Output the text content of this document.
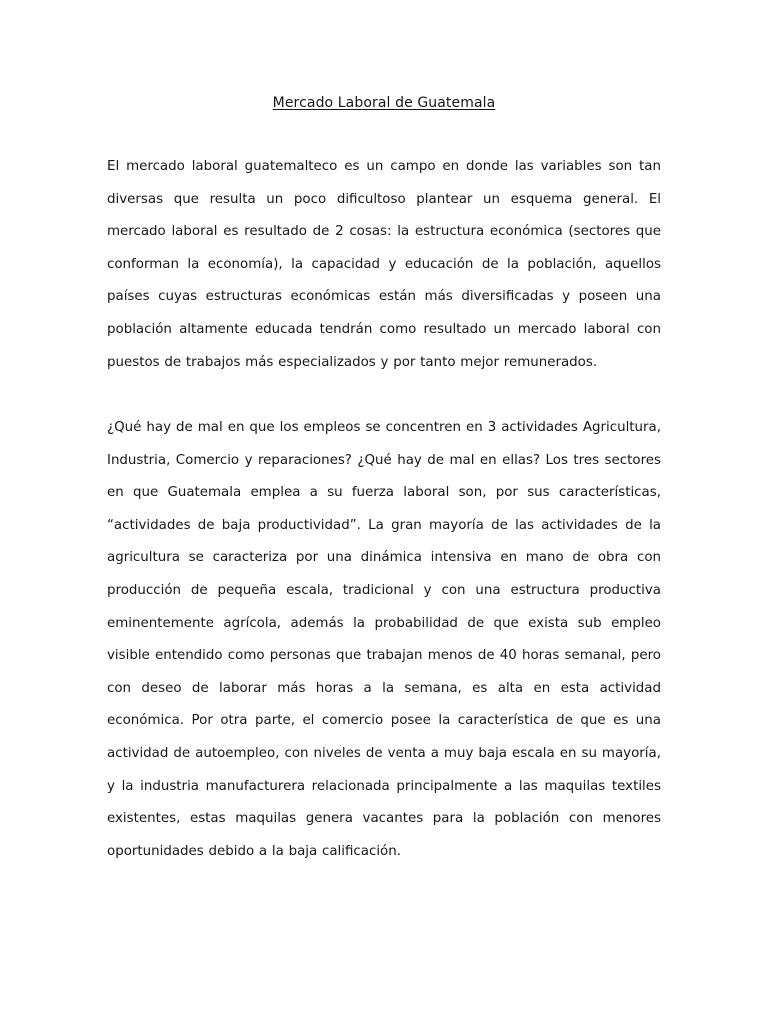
Mercado Laboral de Guatemala

El mercado laboral guatemalteco es un campo en donde las variables son tan diversas que resulta un poco dificultoso plantear un esquema general. El mercado laboral es resultado de 2 cosas: la estructura económica (sectores que conforman la economía), la capacidad y educación de la población, aquellos países cuyas estructuras económicas están más diversificadas y poseen una población altamente educada tendrán como resultado un mercado laboral con puestos de trabajos más especializados y por tanto mejor remunerados.

¿Qué hay de mal en que los empleos se concentren en 3 actividades Agricultura, Industria, Comercio y reparaciones? ¿Qué hay de mal en ellas? Los tres sectores en que Guatemala emplea a su fuerza laboral son, por sus características, “actividades de baja productividad”. La gran mayoría de las actividades de la agricultura se caracteriza por una dinámica intensiva en mano de obra con producción de pequeña escala, tradicional y con una estructura productiva eminentemente agrícola, además la probabilidad de que exista sub empleo visible entendido como personas que trabajan menos de 40 horas semanal, pero con deseo de laborar más horas a la semana, es alta en esta actividad económica. Por otra parte, el comercio posee la característica de que es una actividad de autoempleo, con niveles de venta a muy baja escala en su mayoría, y la industria manufacturera relacionada principalmente a las maquilas textiles existentes, estas maquilas genera vacantes para la población con menores oportunidades debido a la baja calificación.
